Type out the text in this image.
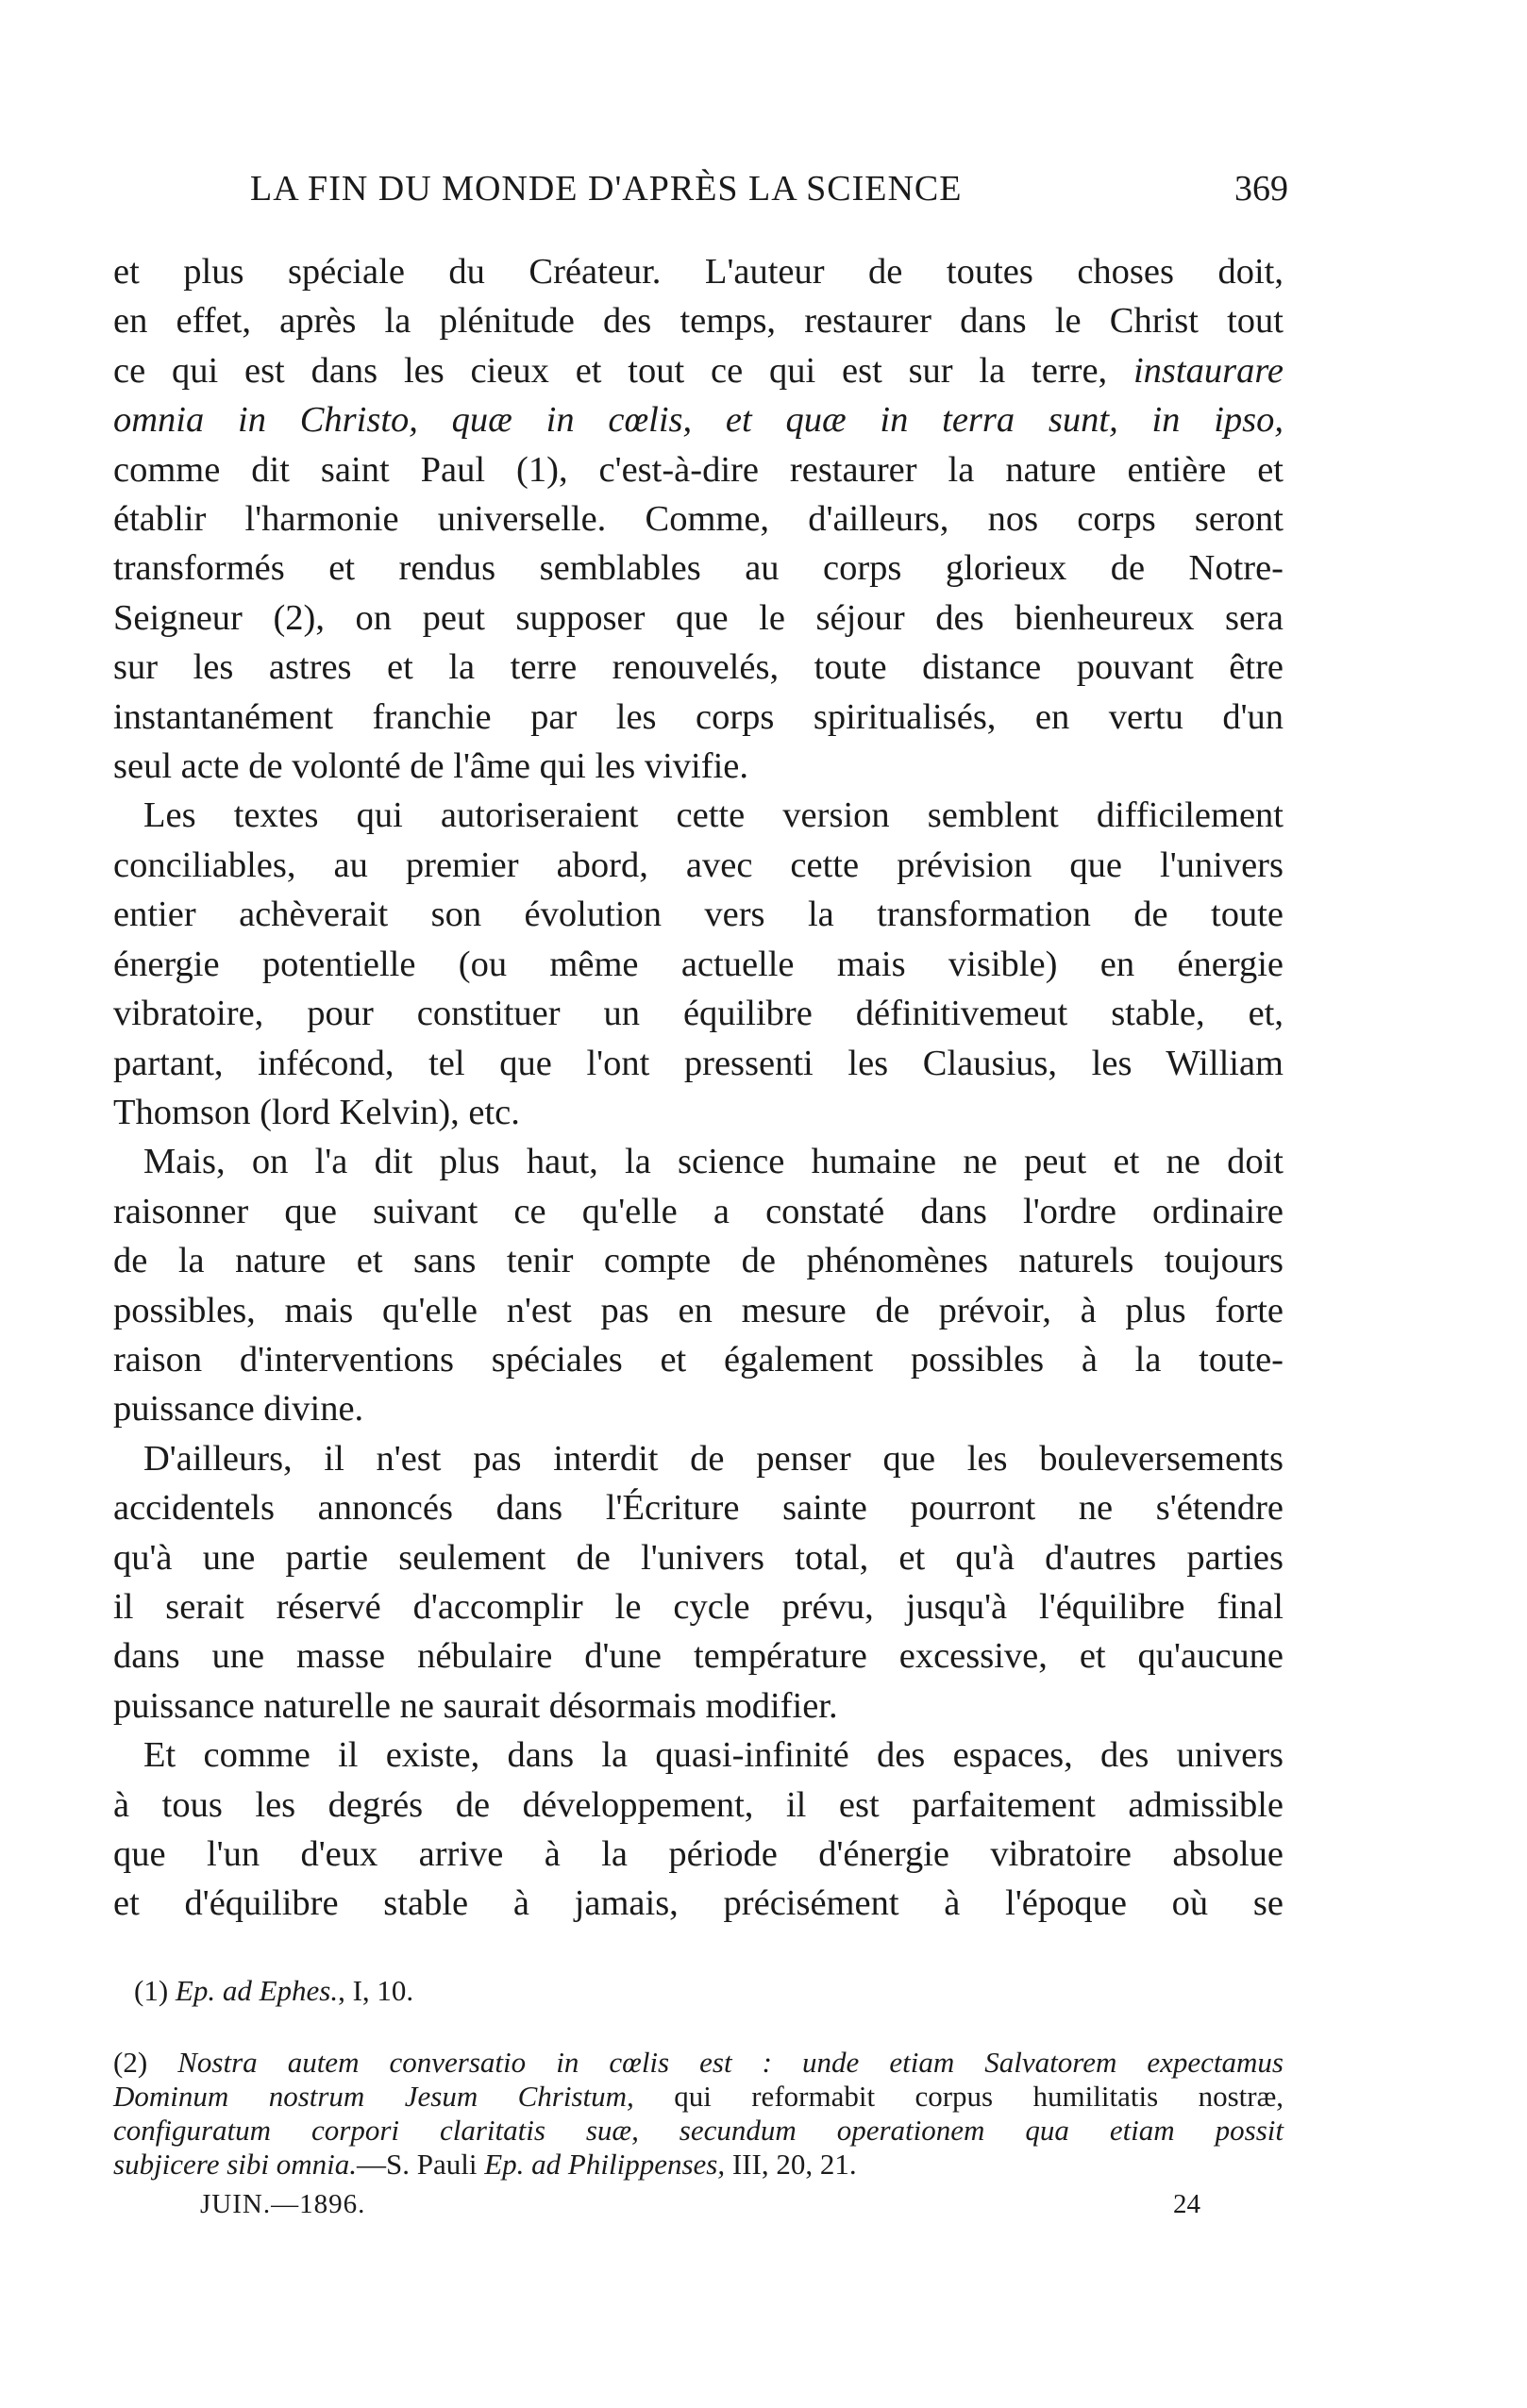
LA FIN DU MONDE D'APRÈS LA SCIENCE	369
et plus spéciale du Créateur. L'auteur de toutes choses doit,
en effet, après la plénitude des temps, restaurer dans le Christ tout
ce qui est dans les cieux et tout ce qui est sur la terre, instaurare
omnia in Christo, quæ in cœlis, et quæ in terra sunt, in ipso,
comme dit saint Paul (1), c'est-à-dire restaurer la nature entière et
établir l'harmonie universelle. Comme, d'ailleurs, nos corps seront
transformés et rendus semblables au corps glorieux de Notre-
Seigneur (2), on peut supposer que le séjour des bienheureux sera
sur les astres et la terre renouvelés, toute distance pouvant être
instantanément franchie par les corps spiritualisés, en vertu d'un
seul acte de volonté de l'âme qui les vivifie.
Les textes qui autoriseraient cette version semblent difficilement
conciliables, au premier abord, avec cette prévision que l'univers
entier achèverait son évolution vers la transformation de toute
énergie potentielle (ou même actuelle mais visible) en énergie
vibratoire, pour constituer un équilibre définitivemeut stable, et,
partant, infécond, tel que l'ont pressenti les Clausius, les William
Thomson (lord Kelvin), etc.
Mais, on l'a dit plus haut, la science humaine ne peut et ne doit
raisonner que suivant ce qu'elle a constaté dans l'ordre ordinaire
de la nature et sans tenir compte de phénomènes naturels toujours
possibles, mais qu'elle n'est pas en mesure de prévoir, à plus forte
raison d'interventions spéciales et également possibles à la toute-
puissance divine.
D'ailleurs, il n'est pas interdit de penser que les bouleversements
accidentels annoncés dans l'Écriture sainte pourront ne s'étendre
qu'à une partie seulement de l'univers total, et qu'à d'autres parties
il serait réservé d'accomplir le cycle prévu, jusqu'à l'équilibre final
dans une masse nébulaire d'une température excessive, et qu'aucune
puissance naturelle ne saurait désormais modifier.
Et comme il existe, dans la quasi-infinité des espaces, des univers
à tous les degrés de développement, il est parfaitement admissible
que l'un d'eux arrive à la période d'énergie vibratoire absolue
et d'équilibre stable à jamais, précisément à l'époque où se
(1) Ep. ad Ephes., I, 10.
(2) Nostra autem conversatio in cœlis est : unde etiam Salvatorem expectamus
Dominum nostrum Jesum Christum, qui reformabit corpus humilitatis nostræ,
configuratum corpori claritatis suæ, secundum operationem qua etiam possit
subjicere sibi omnia.—S. Pauli Ep. ad Philippenses, III, 20, 21.
JUIN.—1896.	24
